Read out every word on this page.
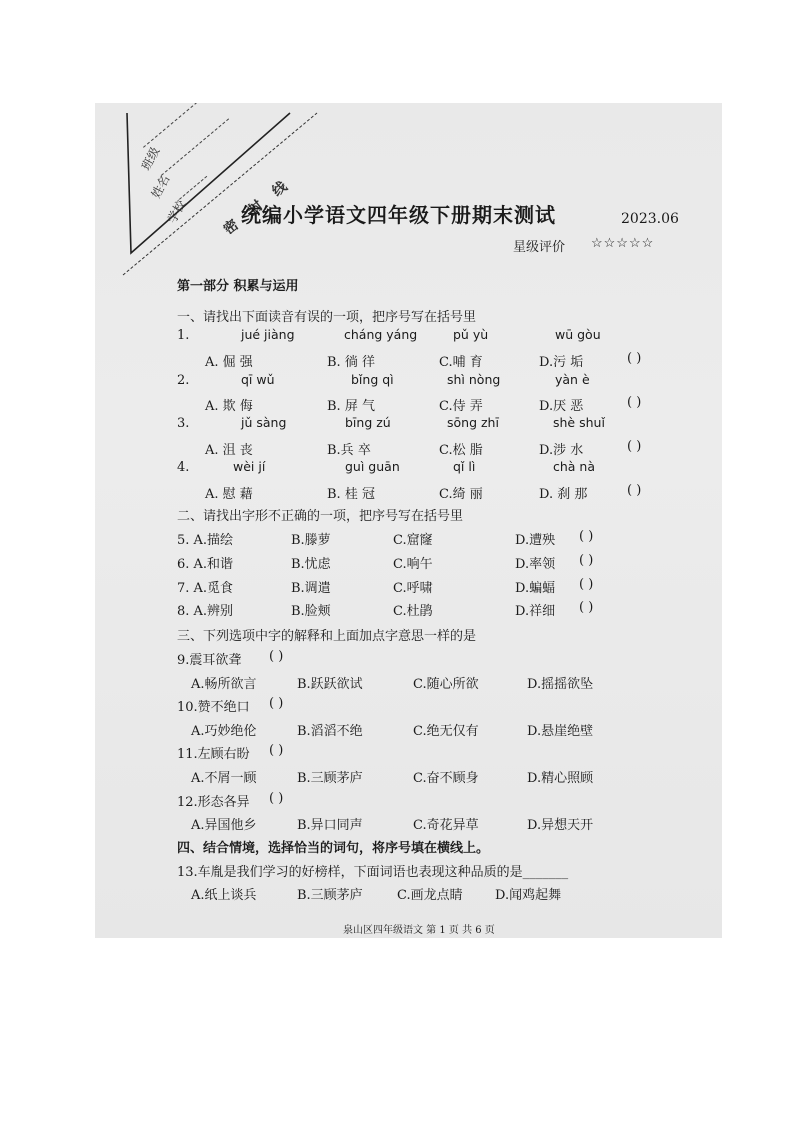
班级
姓名
学校 密 封 线
统编小学语文四年级下册期末测试	2023.06
星级评价 ☆☆☆☆☆
第一部分 积累与运用
一、请找出下面读音有误的一项，把序号写在括号里
1.	jué jiàng	cháng yáng	pǔ yù	wū gòu
A. 倔 强	B. 徜 徉	C.哺 育	D.污 垢	( )
2.	qī wǔ	bǐng qì	shì nòng	yàn è
A. 欺 侮	B. 屏 气	C.侍 弄	D.厌 恶	( )
3.	jǔ sàng	bīng zú	sōng zhī	shè shuǐ
A. 沮 丧	B.兵 卒	C.松 脂	D.涉 水	( )
4.	wèi jí	guì guān	qǐ lì	chà nà
A. 慰 藉	B. 桂 冠	C.绮 丽	D. 刹 那	( )
二、请找出字形不正确的一项，把序号写在括号里
5. A.描绘	B.滕萝	C.窟窿	D.遭殃 ( )
6. A.和谐	B.忧虑	C.响午	D.率领 ( )
7. A.觅食	B.调遣	C.呼啸	D.蝙蝠 ( )
8. A.辨别	B.脸颊	C.杜鹃	D.祥细 ( )
三、下列选项中字的解释和上面加点字意思一样的是
9.震耳欲聋 ( )
A.畅所欲言	B.跃跃欲试	C.随心所欲	D.摇摇欲坠
10.赞不绝口 ( )
A.巧妙绝伦	B.滔滔不绝	C.绝无仅有	D.悬崖绝壁
11.左顾右盼 ( )
A.不屑一顾	B.三顾茅庐	C.奋不顾身	D.精心照顾
12.形态各异 ( )
A.异国他乡	B.异口同声	C.奇花异草	D.异想天开
四、结合情境，选择恰当的词句，将序号填在横线上。
13.车胤是我们学习的好榜样，下面词语也表现这种品质的是_______
A.纸上谈兵	B.三顾茅庐	C.画龙点睛 D.闻鸡起舞
泉山区四年级语文 第 1 页 共 6 页
